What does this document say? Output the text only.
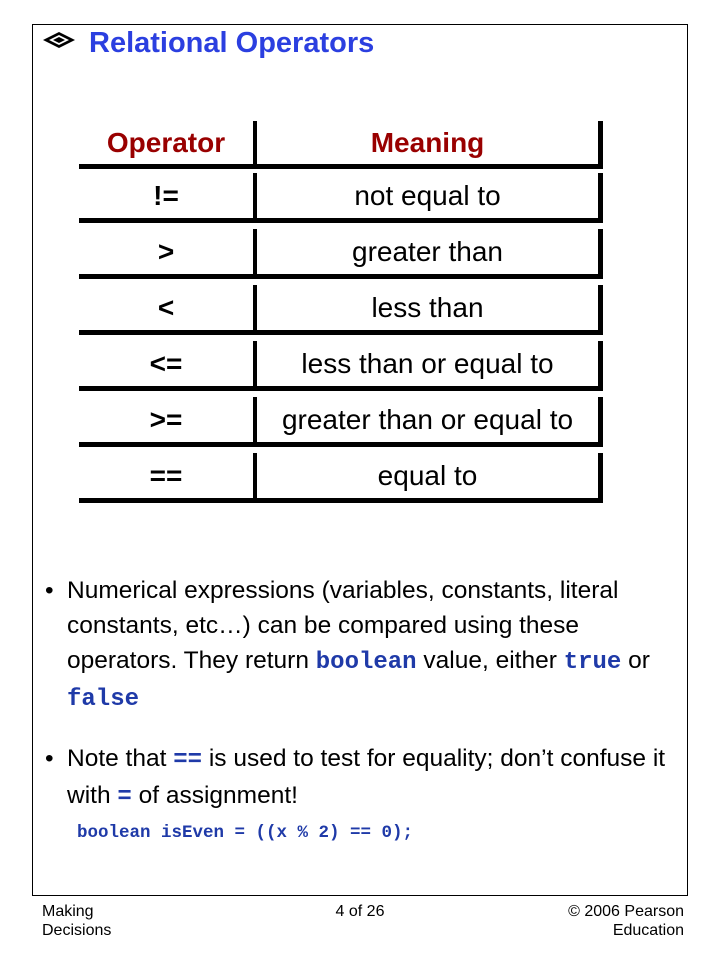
Relational Operators
Operator	Meaning
!=	not equal to
>	greater than
<	less than
<=	less than or equal to
>=	greater than or equal to
==	equal to
• Numerical expressions (variables, constants, literal constants, etc…) can be compared using these operators. They return boolean value, either true or false
• Note that == is used to test for equality; don’t confuse it with = of assignment!
boolean isEven = ((x % 2) == 0);
Making
Decisions
4 of 26	© 2006 Pearson
Education
